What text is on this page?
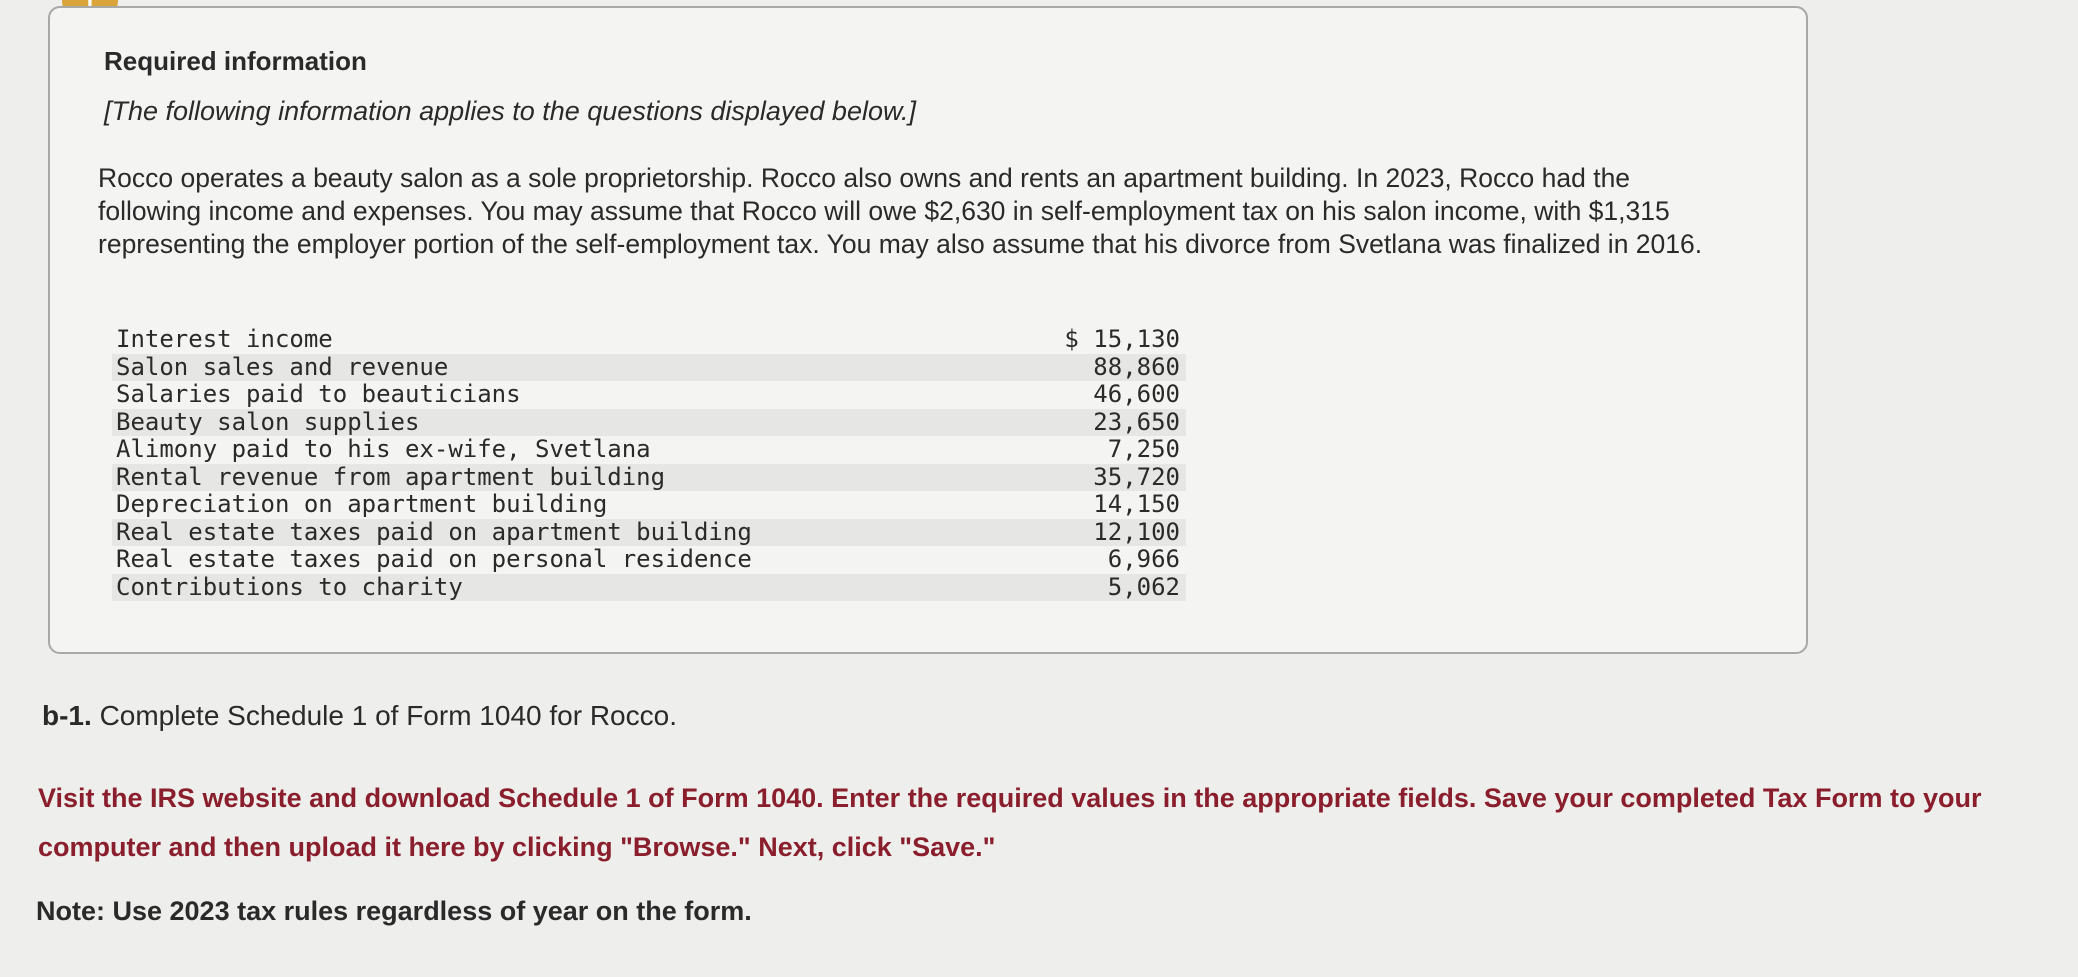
Required information
[The following information applies to the questions displayed below.]
Rocco operates a beauty salon as a sole proprietorship. Rocco also owns and rents an apartment building. In 2023, Rocco had the following income and expenses. You may assume that Rocco will owe $2,630 in self-employment tax on his salon income, with $1,315 representing the employer portion of the self-employment tax. You may also assume that his divorce from Svetlana was finalized in 2016.
Interest income	$ 15,130
Salon sales and revenue	88,860
Salaries paid to beauticians	46,600
Beauty salon supplies	23,650
Alimony paid to his ex-wife, Svetlana	7,250
Rental revenue from apartment building	35,720
Depreciation on apartment building	14,150
Real estate taxes paid on apartment building	12,100
Real estate taxes paid on personal residence	6,966
Contributions to charity	5,062
b-1. Complete Schedule 1 of Form 1040 for Rocco.
Visit the IRS website and download Schedule 1 of Form 1040. Enter the required values in the appropriate fields. Save your completed Tax Form to your computer and then upload it here by clicking "Browse." Next, click "Save."
Note: Use 2023 tax rules regardless of year on the form.
